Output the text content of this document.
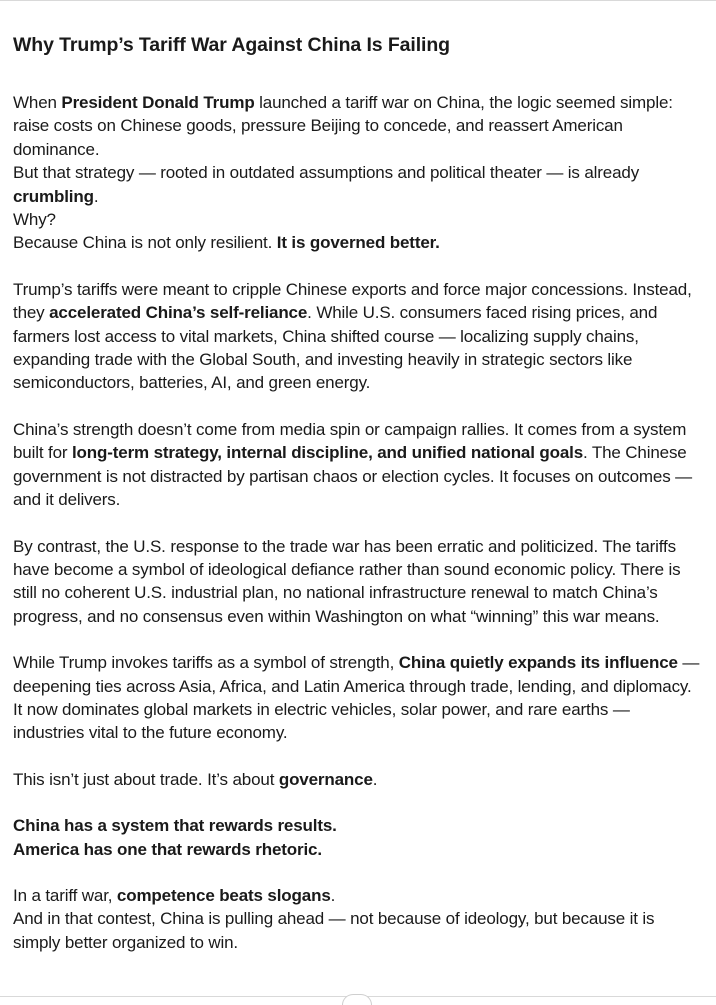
Why Trump’s Tariff War Against China Is Failing

When President Donald Trump launched a tariff war on China, the logic seemed simple: raise costs on Chinese goods, pressure Beijing to concede, and reassert American dominance.
But that strategy — rooted in outdated assumptions and political theater — is already crumbling.
Why?
Because China is not only resilient. It is governed better.

Trump’s tariffs were meant to cripple Chinese exports and force major concessions. Instead, they accelerated China’s self-reliance. While U.S. consumers faced rising prices, and farmers lost access to vital markets, China shifted course — localizing supply chains, expanding trade with the Global South, and investing heavily in strategic sectors like semiconductors, batteries, AI, and green energy.

China’s strength doesn’t come from media spin or campaign rallies. It comes from a system built for long-term strategy, internal discipline, and unified national goals. The Chinese government is not distracted by partisan chaos or election cycles. It focuses on outcomes — and it delivers.

By contrast, the U.S. response to the trade war has been erratic and politicized. The tariffs have become a symbol of ideological defiance rather than sound economic policy. There is still no coherent U.S. industrial plan, no national infrastructure renewal to match China’s progress, and no consensus even within Washington on what “winning” this war means.

While Trump invokes tariffs as a symbol of strength, China quietly expands its influence — deepening ties across Asia, Africa, and Latin America through trade, lending, and diplomacy. It now dominates global markets in electric vehicles, solar power, and rare earths — industries vital to the future economy.

This isn’t just about trade. It’s about governance.

China has a system that rewards results.
America has one that rewards rhetoric.

In a tariff war, competence beats slogans.
And in that contest, China is pulling ahead — not because of ideology, but because it is simply better organized to win.
